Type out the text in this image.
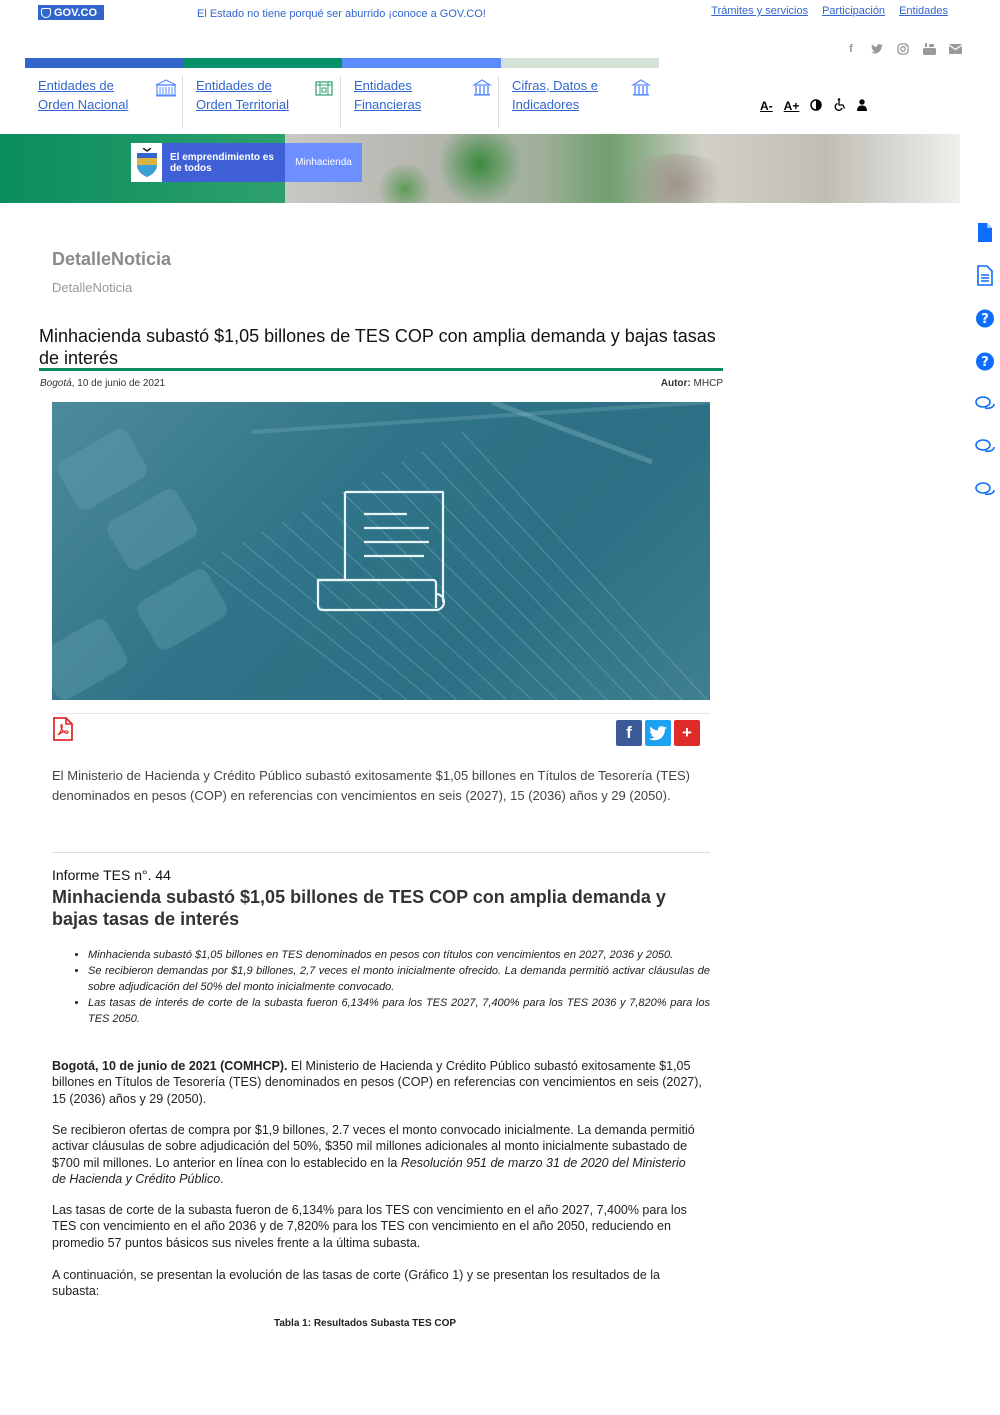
GOV.CO	El Estado no tiene porqué ser aburrido ¡conoce a GOV.CO!	Trámites y servicios Participación Entidades
f
Entidades de Orden Nacional
Entidades de Orden Territorial
Entidades Financieras
Cifras, Datos e Indicadores	A- A+
El emprendimiento es de todos	Minhacienda
?
?
DetalleNoticia
DetalleNoticia
Minhacienda subastó $1,05 billones de TES COP con amplia demanda y bajas tasas de interés
Bogotá, 10 de junio de 2021	Autor: MHCP
f	+

El Ministerio de Hacienda y Crédito Público subastó exitosamente $1,05 billones en Títulos de Tesorería (TES) denominados en pesos (COP) en referencias con vencimientos en seis (2027), 15 (2036) años y 29 (2050).

Informe TES n°. 44
Minhacienda subastó $1,05 billones de TES COP con amplia demanda y bajas tasas de interés
• Minhacienda subastó $1,05 billones en TES denominados en pesos con títulos con vencimientos en 2027, 2036 y 2050.
• Se recibieron demandas por $1,9 billones, 2,7 veces el monto inicialmente ofrecido. La demanda permitió activar cláusulas de sobre adjudicación del 50% del monto inicialmente convocado.
• Las tasas de interés de corte de la subasta fueron 6,134% para los TES 2027, 7,400% para los TES 2036 y 7,820% para los TES 2050.

Bogotá, 10 de junio de 2021 (COMHCP). El Ministerio de Hacienda y Crédito Público subastó exitosamente $1,05 billones en Títulos de Tesorería (TES) denominados en pesos (COP) en referencias con vencimientos en seis (2027), 15 (2036) años y 29 (2050).

Se recibieron ofertas de compra por $1,9 billones, 2.7 veces el monto convocado inicialmente. La demanda permitió activar cláusulas de sobre adjudicación del 50%, $350 mil millones adicionales al monto inicialmente subastado de $700 mil millones. Lo anterior en línea con lo establecido en la Resolución 951 de marzo 31 de 2020 del Ministerio de Hacienda y Crédito Público.

Las tasas de corte de la subasta fueron de 6,134% para los TES con vencimiento en el año 2027, 7,400% para los TES con vencimiento en el año 2036 y de 7,820% para los TES con vencimiento en el año 2050, reduciendo en promedio 57 puntos básicos sus niveles frente a la última subasta.

A continuación, se presentan la evolución de las tasas de corte (Gráfico 1) y se presentan los resultados de la subasta:

Tabla 1: Resultados Subasta TES COP
